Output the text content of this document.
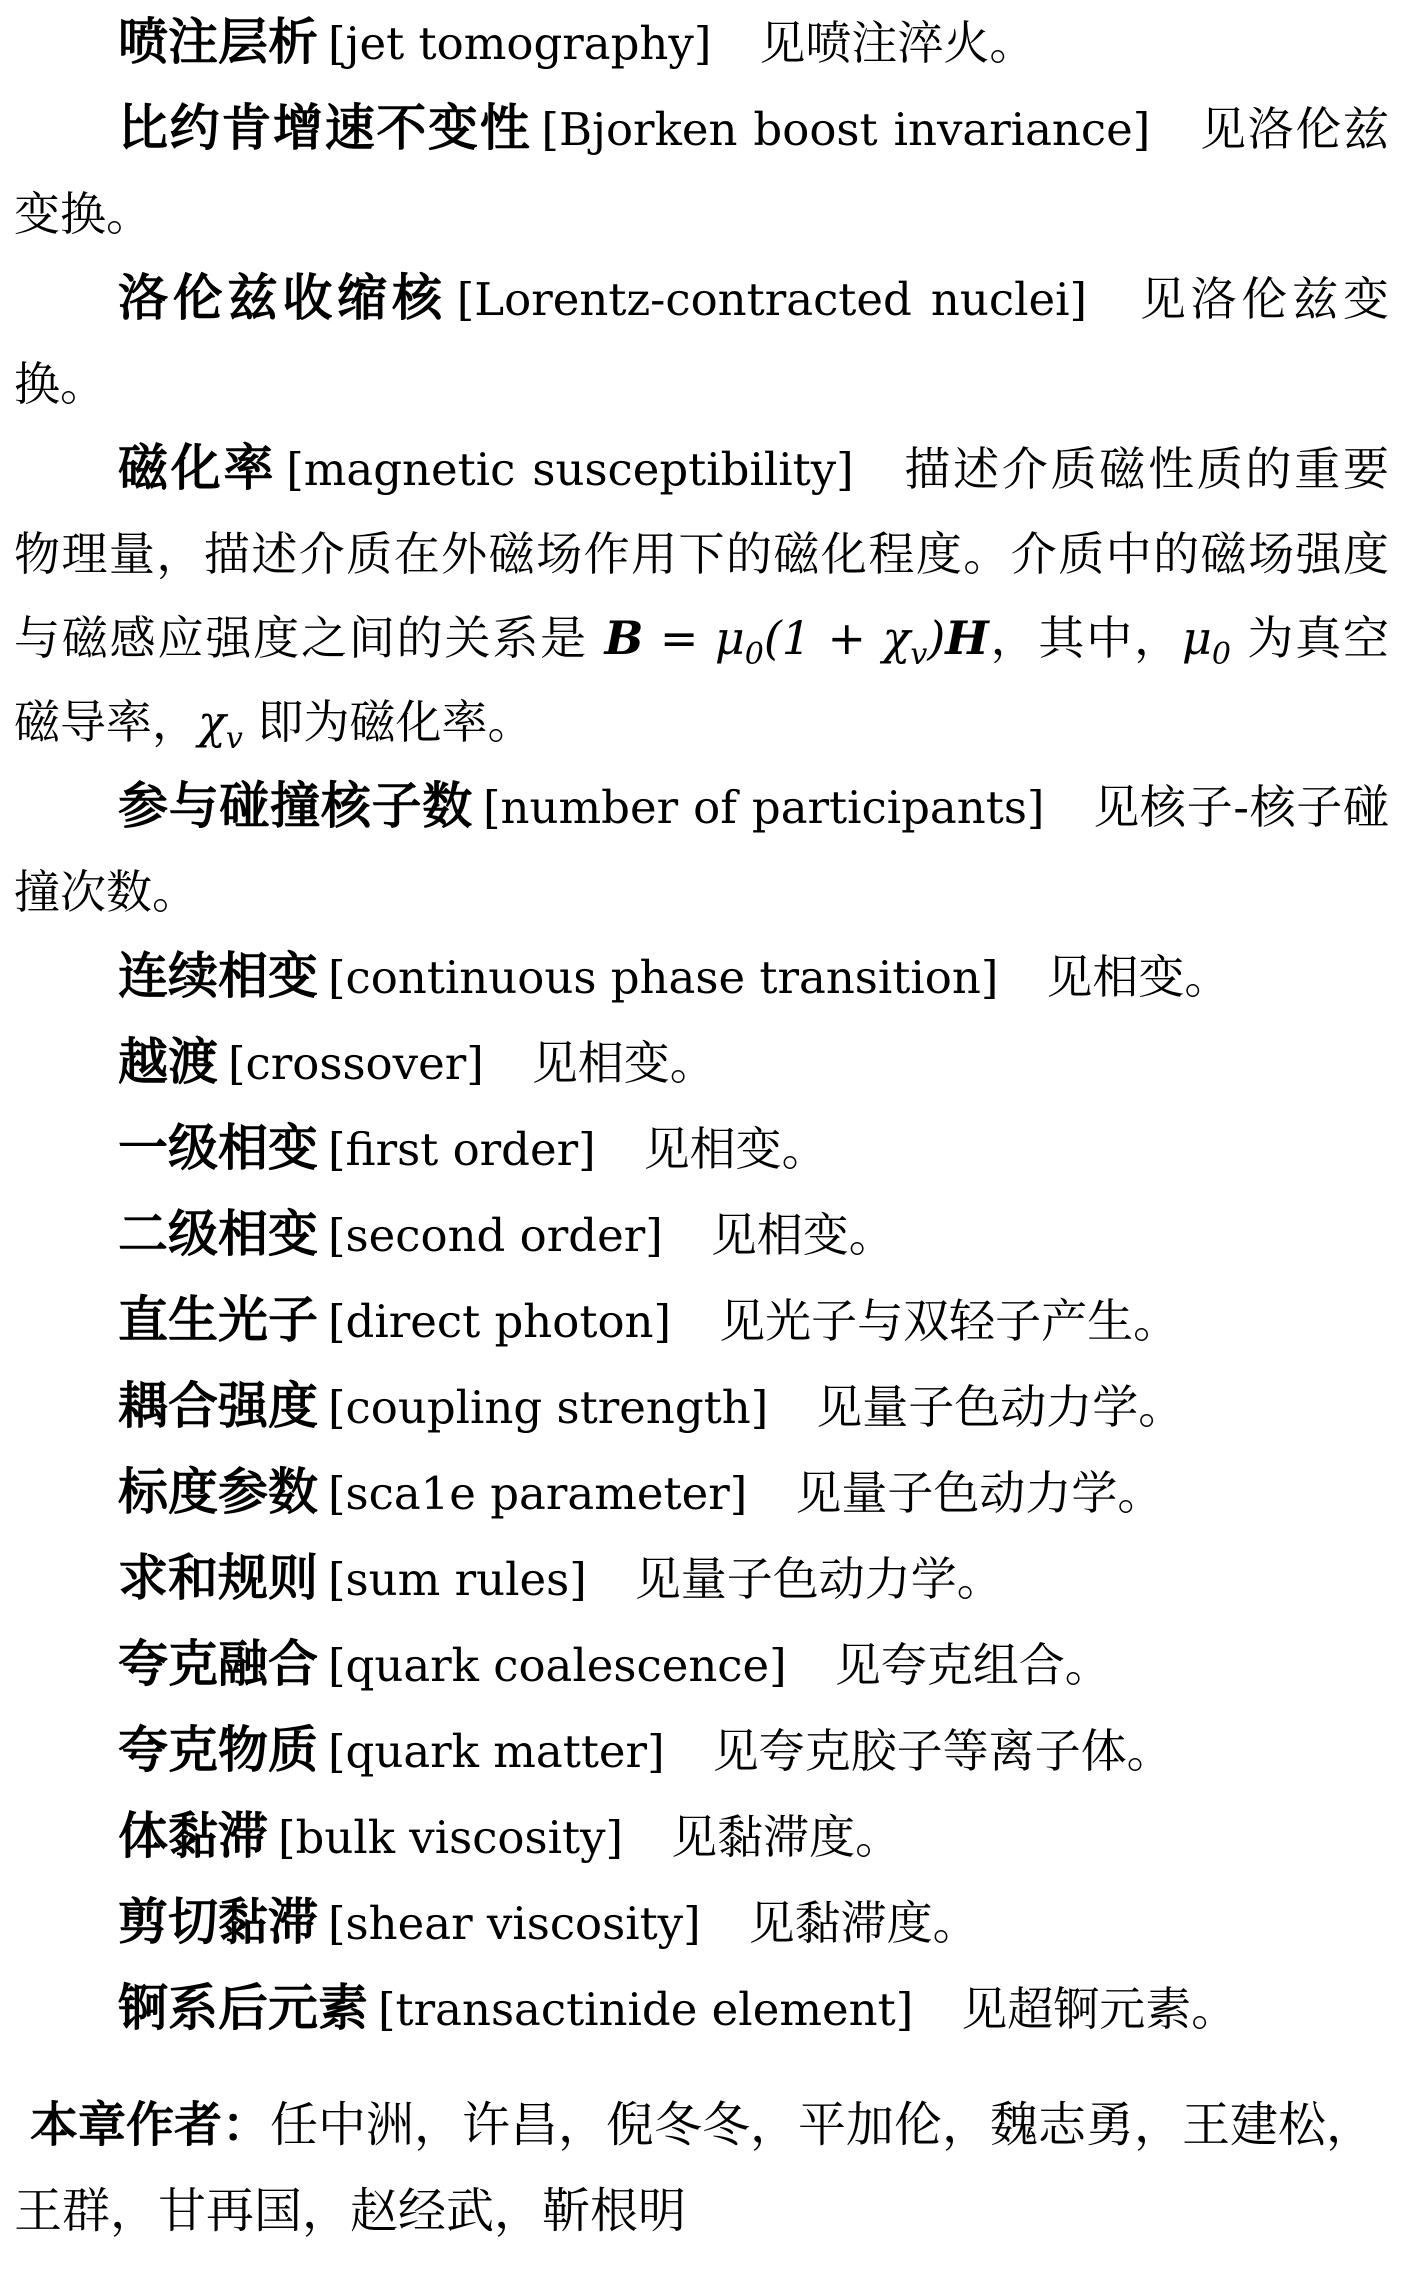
喷注层析 [jet tomography] 见喷注淬火。

比约肯增速不变性 [Bjorken boost invariance] 见洛伦兹变换。

洛伦兹收缩核 [Lorentz-contracted nuclei] 见洛伦兹变换。

磁化率 [magnetic susceptibility] 描述介质磁性质的重要物理量，描述介质在外磁场作用下的磁化程度。介质中的磁场强度与磁感应强度之间的关系是 $B = \mu_0(1 + \chi_v)H$，其中，$\mu_0$ 为真空磁导率，$\chi_v$ 即为磁化率。

参与碰撞核子数 [number of participants] 见核子-核子碰撞次数。

连续相变 [continuous phase transition] 见相变。

越渡 [crossover] 见相变。

一级相变 [first order] 见相变。

二级相变 [second order] 见相变。

直生光子 [direct photon] 见光子与双轻子产生。

耦合强度 [coupling strength] 见量子色动力学。

标度参数 [sca1e parameter] 见量子色动力学。

求和规则 [sum rules] 见量子色动力学。

夸克融合 [quark coalescence] 见夸克组合。

夸克物质 [quark matter] 见夸克胶子等离子体。

体黏滞 [bulk viscosity] 见黏滞度。

剪切黏滞 [shear viscosity] 见黏滞度。

锕系后元素 [transactinide element] 见超锕元素。

本章作者：任中洲，许昌，倪冬冬，平加伦，魏志勇，王建松，王群，甘再国，赵经武，靳根明
